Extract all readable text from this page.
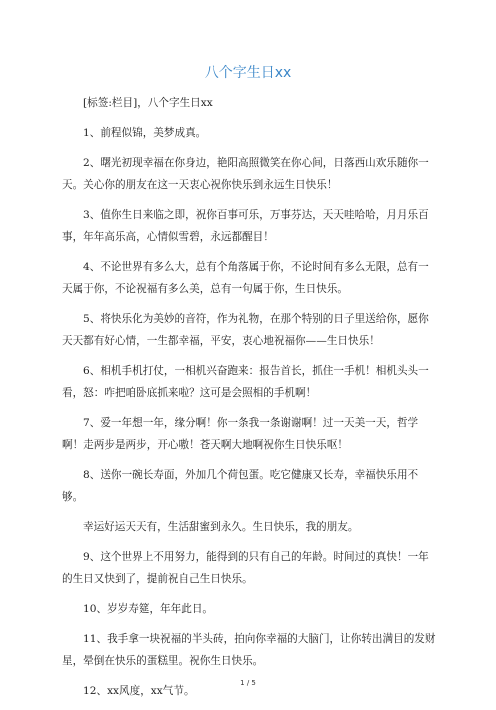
八个字生日xx

[标签:栏目]，八个字生日xx

1、前程似锦，美梦成真。

2、曙光初现幸福在你身边，艳阳高照微笑在你心间，日落西山欢乐随你一天。关心你的朋友在这一天衷心祝你快乐到永远生日快乐！

3、值你生日来临之即，祝你百事可乐，万事芬达，天天哇哈哈，月月乐百事，年年高乐高，心情似雪碧，永远都醒目！

4、不论世界有多么大，总有个角落属于你，不论时间有多么无限，总有一天属于你，不论祝福有多么美，总有一句属于你，生日快乐。

5、将快乐化为美妙的音符，作为礼物，在那个特别的日子里送给你，愿你天天都有好心情，一生都幸福，平安，衷心地祝福你——生日快乐！

6、相机手机打仗，一相机兴奋跑来：报告首长，抓住一手机！相机头头一看，怒：咋把咱卧底抓来啦？这可是会照相的手机啊！

7、爱一年想一年，缘分啊！你一条我一条谢谢啊！过一天美一天，哲学啊！走两步是两步，开心嗷！苍天啊大地啊祝你生日快乐呕！

8、送你一碗长寿面，外加几个荷包蛋。吃它健康又长寿，幸福快乐用不够。

幸运好运天天有，生活甜蜜到永久。生日快乐，我的朋友。

9、这个世界上不用努力，能得到的只有自己的年龄。时间过的真快！一年的生日又快到了，提前祝自己生日快乐。

10、岁岁寿筵，年年此日。

11、我手拿一块祝福的半头砖，拍向你幸福的大脑门，让你转出满目的发财星，晕倒在快乐的蛋糕里。祝你生日快乐。

12、xx风度，xx气节。

1 / 5
